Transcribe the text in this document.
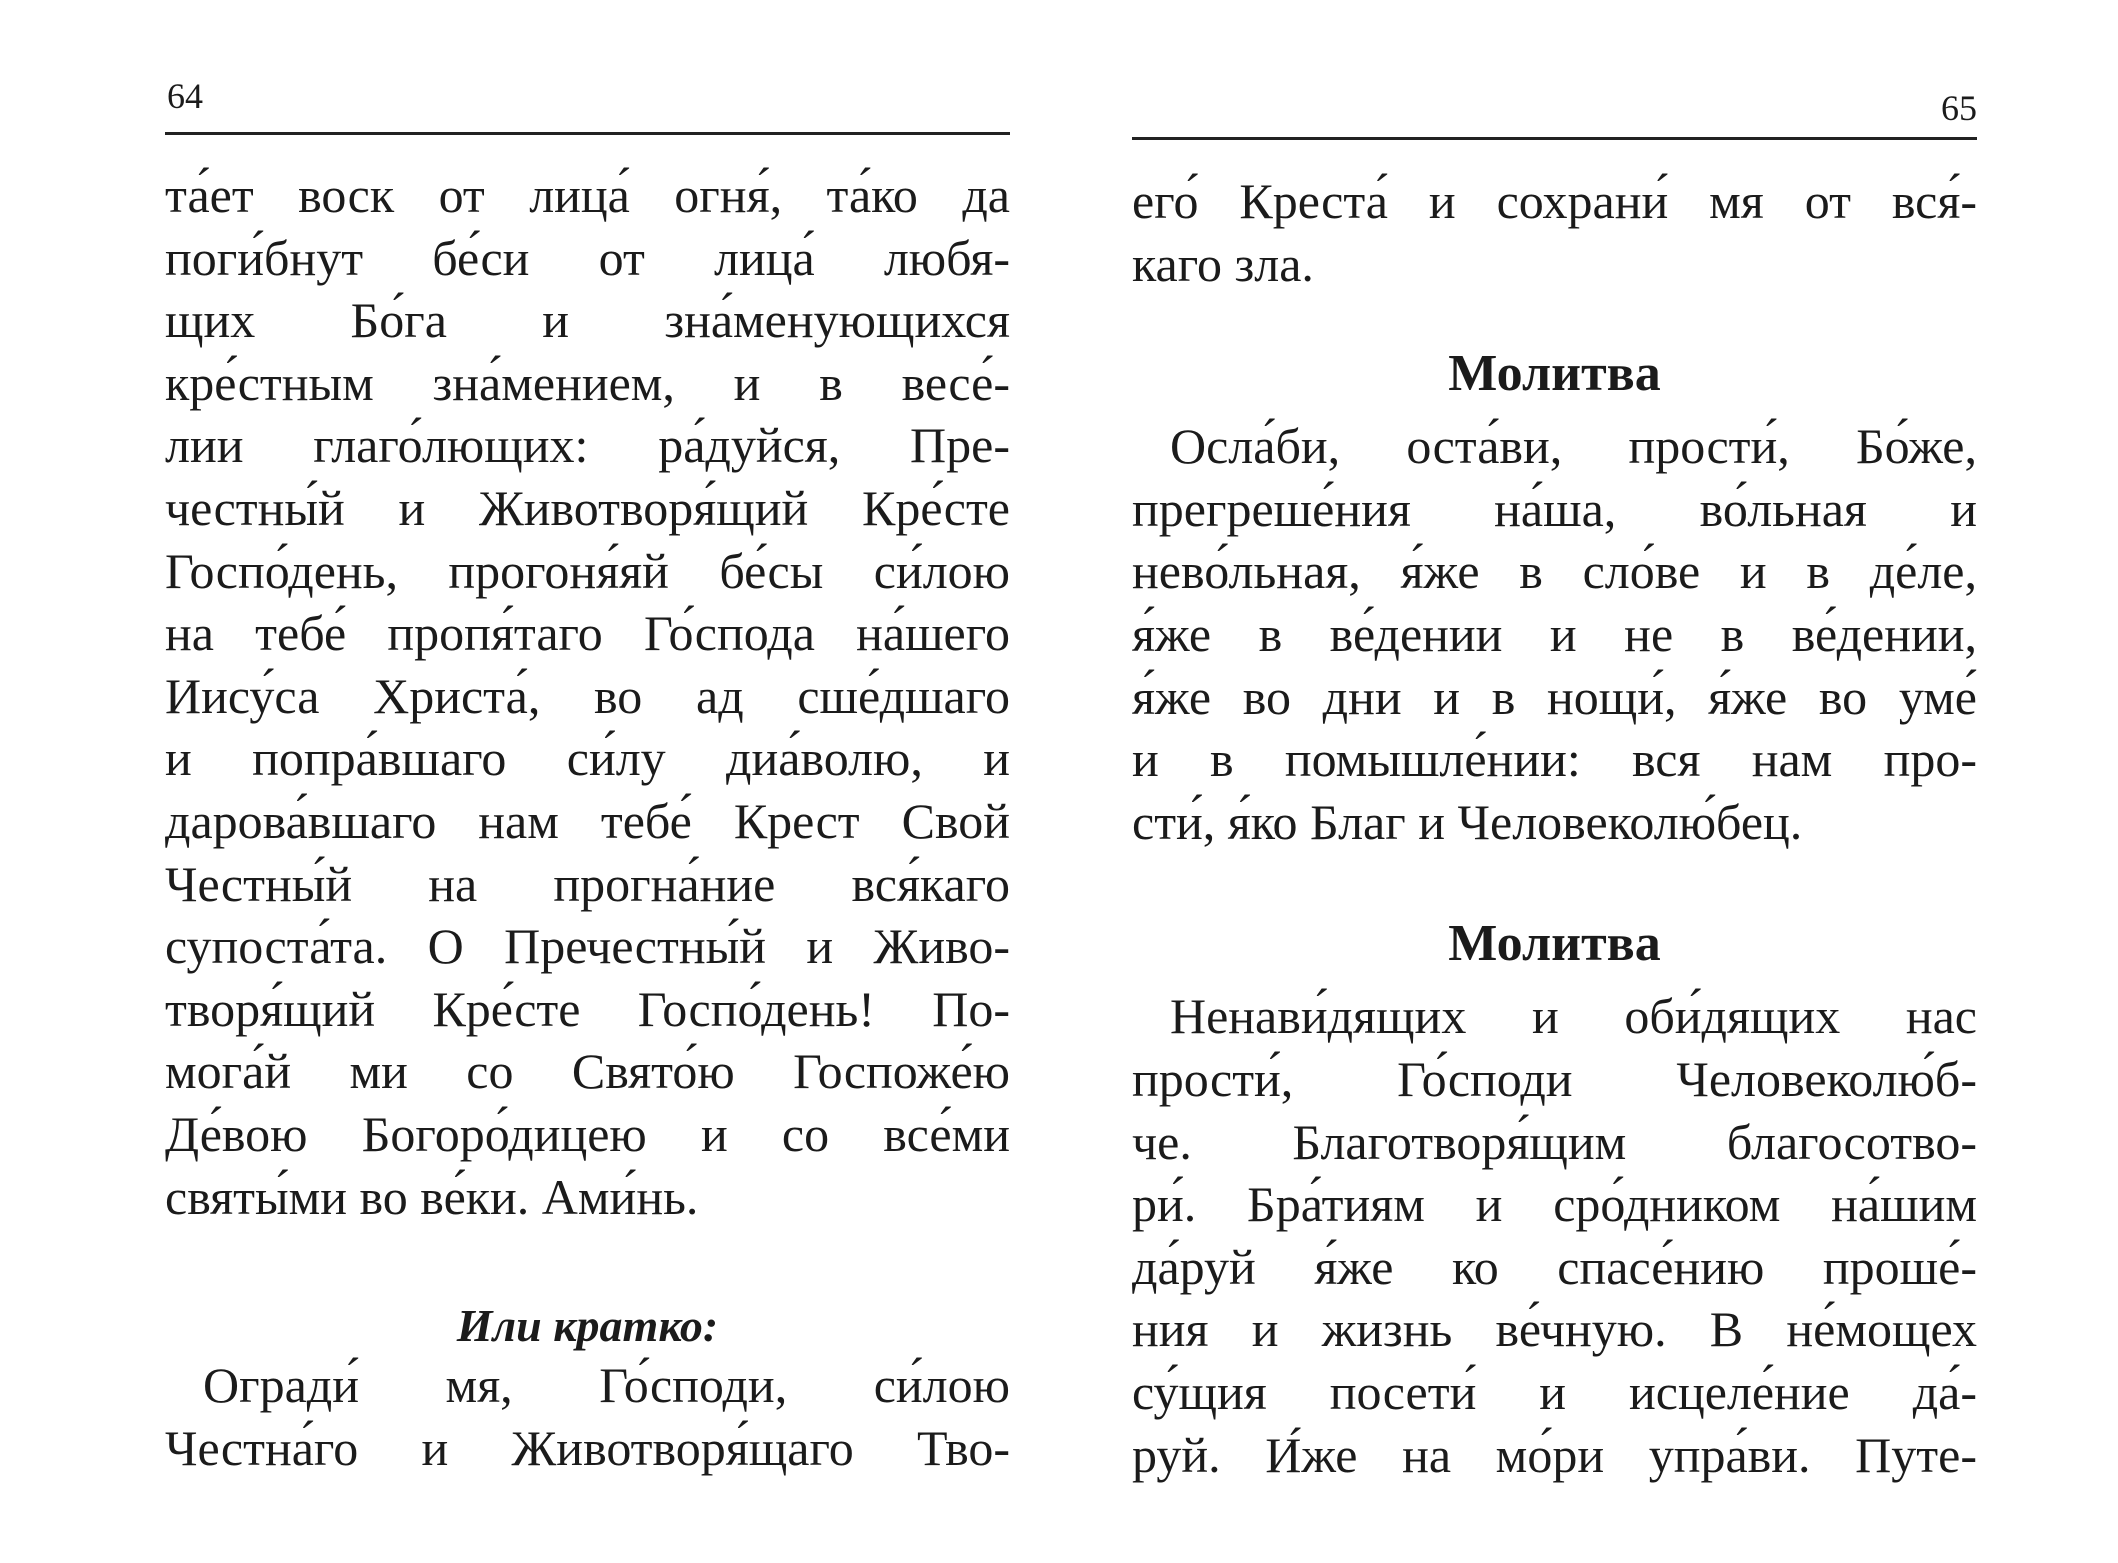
64
та́ет воск от лица́ огня́, та́ко да
поги́бнут бе́си от лица́ любя-
щих Бо́га и зна́менующихся
кре́стным зна́мением, и в весе́-
лии глаго́лющих: ра́дуйся, Пре-
честны́й и Животворя́щий Кре́сте
Госпо́день, прогоня́яй бе́сы си́лою
на тебе́ пропя́таго Го́спода на́шего
Иису́са Христа́, во ад сше́дшаго
и попра́вшаго си́лу диа́волю, и
дарова́вшаго нам тебе́ Крест Свой
Честны́й на прогна́ние вся́каго
супоста́та. О Пречестны́й и Живо-
творя́щий Кре́сте Госпо́день! По-
мога́й ми со Свято́ю Госпоже́ю
Де́вою Богоро́дицею и со все́ми
святы́ми во ве́ки. Ами́нь.
Или кратко:
Огради́ мя, Го́споди, си́лою
Честна́го и Животворя́щаго Тво-
65
его́ Креста́ и сохрани́ мя от вся́-
каго зла.
Молитва
Осла́би, оста́ви, прости́, Бо́же,
прегреше́ния на́ша, во́льная и
нево́льная, я́же в сло́ве и в де́ле,
я́же в ве́дении и не в ве́дении,
я́же во дни и в нощи́, я́же во уме́
и в помышле́нии: вся нам про-
сти́, я́ко Благ и Человеколю́бец.
Молитва
Ненави́дящих и оби́дящих нас
прости́, Го́споди Человеколю́б-
че. Благотворя́щим благосотво-
ри́. Бра́тиям и сро́дником на́шим
да́руй я́же ко спасе́нию проше́-
ния и жизнь ве́чную. В не́мощех
су́щия посети́ и исцеле́ние да́-
руй. И́же на мо́ри упра́ви. Путе-
